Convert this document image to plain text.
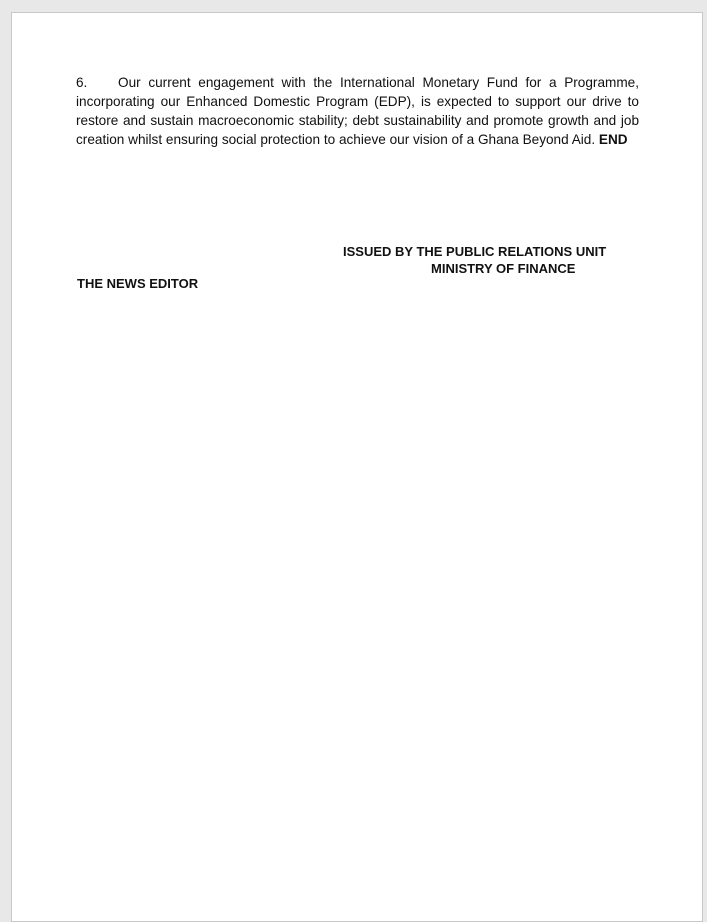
6. Our current engagement with the International Monetary Fund for a Programme, incorporating our Enhanced Domestic Program (EDP), is expected to support our drive to restore and sustain macroeconomic stability; debt sustainability and promote growth and job creation whilst ensuring social protection to achieve our vision of a Ghana Beyond Aid. END

ISSUED BY THE PUBLIC RELATIONS UNIT
MINISTRY OF FINANCE

THE NEWS EDITOR
